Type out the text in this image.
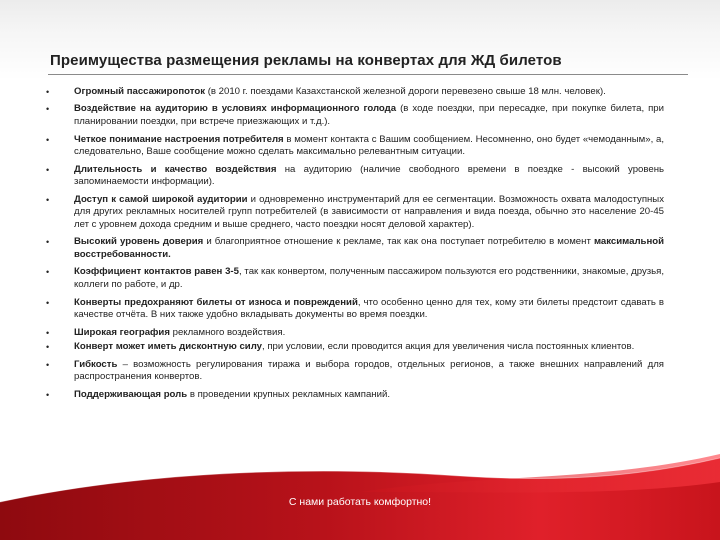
Преимущества размещения рекламы на конвертах для ЖД билетов
•	Огромный пассажиропоток (в 2010 г. поездами Казахстанской железной дороги перевезено свыше 18 млн. человек).
•	Воздействие на аудиторию в условиях информационного голода (в ходе поездки, при пересадке, при покупке билета, при планировании поездки, при встрече приезжающих и т.д.).
•	Четкое понимание настроения потребителя в момент контакта с Вашим сообщением. Несомненно, оно будет «чемоданным», а, следовательно, Ваше сообщение можно сделать максимально релевантным ситуации.
•	Длительность и качество воздействия на аудиторию (наличие свободного времени в поездке - высокий уровень запоминаемости информации).
•	Доступ к самой широкой аудитории и одновременно инструментарий для ее сегментации. Возможность охвата малодоступных для других рекламных носителей групп потребителей (в зависимости от направления и вида поезда, обычно это население 20-45 лет с уровнем дохода средним и выше среднего, часто поездки носят деловой характер).
•	Высокий уровень доверия и благоприятное отношение к рекламе, так как она поступает потребителю в момент максимальной восстребованности.
•	Коэффициент контактов равен 3-5, так как конвертом, полученным пассажиром пользуются его родственники, знакомые, друзья, коллеги по работе, и др.
•	Конверты предохраняют билеты от износа и повреждений, что особенно ценно для тех, кому эти билеты предстоит сдавать в качестве отчёта. В них также удобно вкладывать документы во время поездки.
•	Широкая география рекламного воздействия.
•	Конверт может иметь дисконтную силу, при условии, если проводится акция для увеличения числа постоянных клиентов.
•	Гибкость – возможность регулирования тиража и выбора городов, отдельных регионов, а также внешних направлений для распространения конвертов.
•	Поддерживающая роль в проведении крупных рекламных кампаний.
С нами работать комфортно!
